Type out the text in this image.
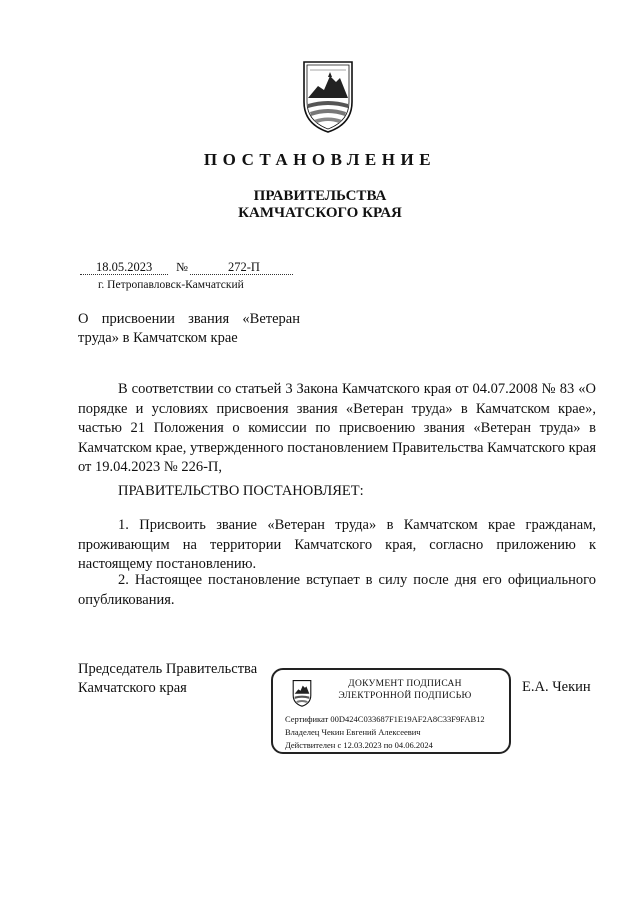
ПОСТАНОВЛЕНИЕ
ПРАВИТЕЛЬСТВА
КАМЧАТСКОГО КРАЯ
18.05.2023 №	272-П
г. Петропавловск-Камчатский
О присвоении звания «Ветеран труда» в Камчатском крае

В соответствии со статьей 3 Закона Камчатского края от 04.07.2008 № 83 «О порядке и условиях присвоения звания «Ветеран труда» в Камчатском крае», частью 21 Положения о комиссии по присвоению звания «Ветеран труда» в Камчатском крае, утвержденного постановлением Правительства Камчатского края от 19.04.2023 № 226-П,

ПРАВИТЕЛЬСТВО ПОСТАНОВЛЯЕТ:

1. Присвоить звание «Ветеран труда» в Камчатском крае гражданам, проживающим на территории Камчатского края, согласно приложению к настоящему постановлению.

2. Настоящее постановление вступает в силу после дня его официального опубликования.

Председатель Правительства
Камчатского края	Е.А. Чекин
ДОКУМЕНТ ПОДПИСАН
ЭЛЕКТРОННОЙ ПОДПИСЬЮ
Сертификат 00D424C033687F1E19AF2A8C33F9FAB12
Владелец Чекин Евгений Алексеевич
Действителен с 12.03.2023 по 04.06.2024
